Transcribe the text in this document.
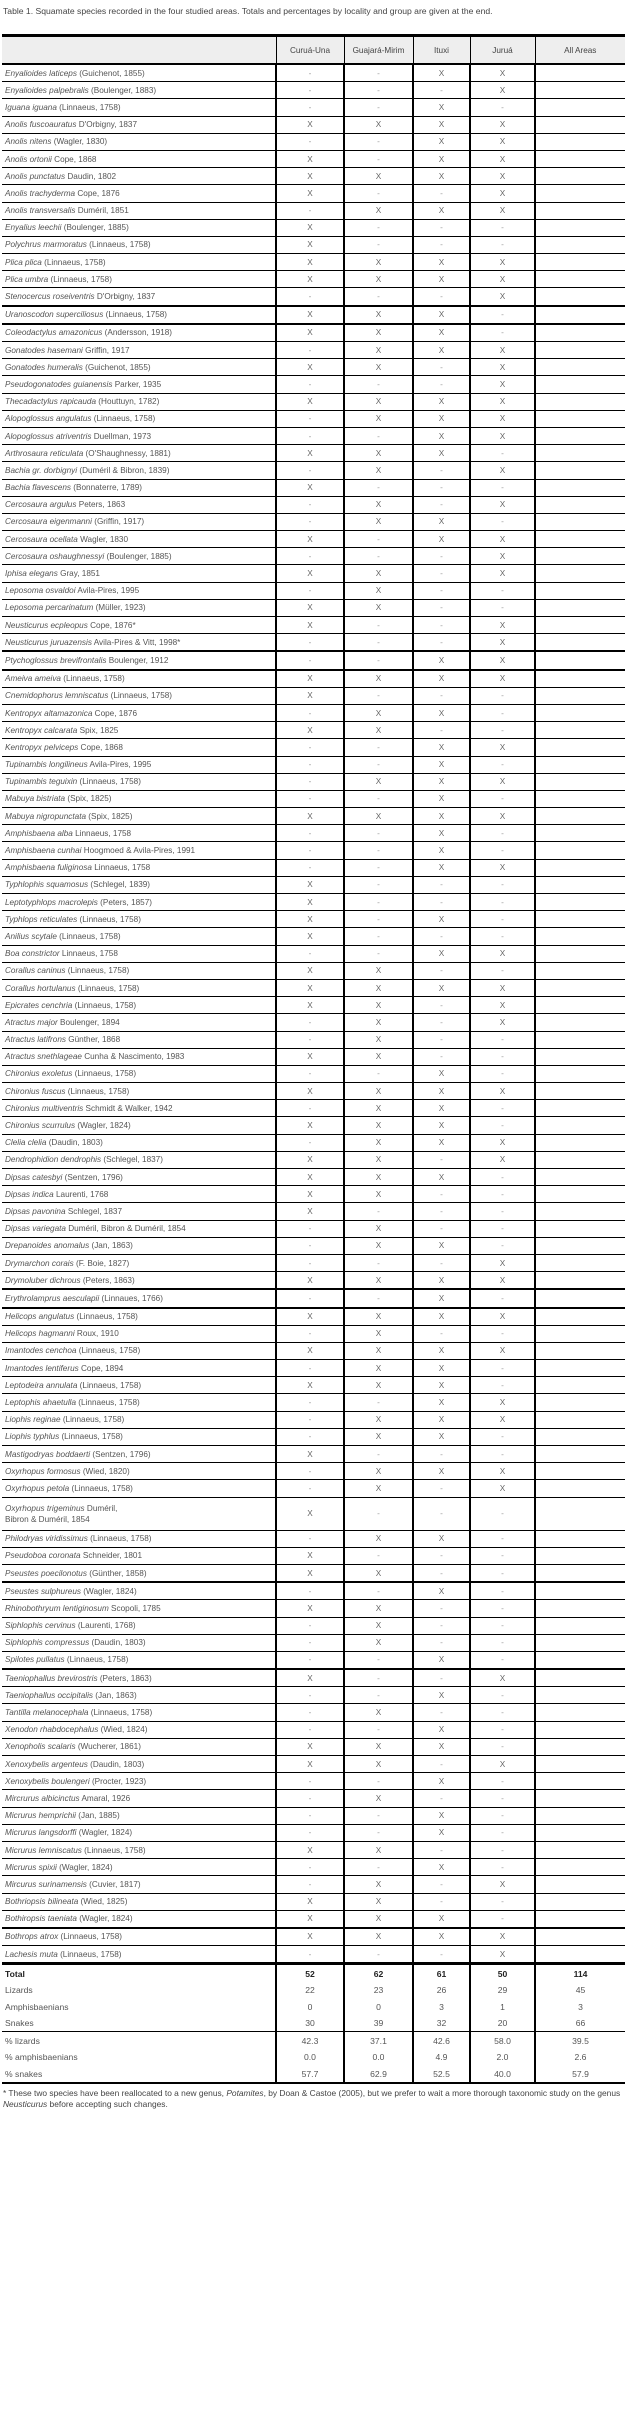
Table 1. Squamate species recorded in the four studied areas. Totals and percentages by locality and group are given at the end.
	Curuá-Una	Guajará-Mirim	Ituxi	Juruá	All Areas
Enyalioides laticeps (Guichenot, 1855)	-	-	X	X	
Enyalioides palpebralis (Boulenger, 1883)	-	-	-	X	
Iguana iguana (Linnaeus, 1758)	-	-	X	-	
Anolis fuscoauratus D'Orbigny, 1837	X	X	X	X	
Anolis nitens (Wagler, 1830)	-	-	X	X	
Anolis ortonii Cope, 1868	X	-	X	X	
Anolis punctatus Daudin, 1802	X	X	X	X	
Anolis trachyderma Cope, 1876	X	-	-	X	
Anolis transversalis Duméril, 1851	-	X	X	X	
Enyalius leechii (Boulenger, 1885)	X	-	-	-	
Polychrus marmoratus (Linnaeus, 1758)	X	-	-	-	
Plica plica (Linnaeus, 1758)	X	X	X	X	
Plica umbra (Linnaeus, 1758)	X	X	X	X	
Stenocercus roseiventris D'Orbigny, 1837	-	-	-	X	
Uranoscodon superciliosus (Linnaeus, 1758)	X	X	X	-	
Coleodactylus amazonicus (Andersson, 1918)	X	X	X	-	
Gonatodes hasemani Griffin, 1917	-	X	X	X	
Gonatodes humeralis (Guichenot, 1855)	X	X	-	X	
Pseudogonatodes guianensis Parker, 1935	-	-	-	X	
Thecadactylus rapicauda (Houttuyn, 1782)	X	X	X	X	
Alopoglossus angulatus (Linnaeus, 1758)	-	X	X	X	
Alopoglossus atriventris Duellman, 1973	-	-	X	X	
Arthrosaura reticulata (O'Shaughnessy, 1881)	X	X	X	-	
Bachia gr. dorbignyi (Duméril & Bibron, 1839)	-	X	-	X	
Bachia flavescens (Bonnaterre, 1789)	X	-	-	-	
Cercosaura argulus Peters, 1863	-	X	-	X	
Cercosaura eigenmanni (Griffin, 1917)	-	X	X	-	
Cercosaura ocellata Wagler, 1830	X	-	X	X	
Cercosaura oshaughnessyi (Boulenger, 1885)	-	-	-	X	
Iphisa elegans Gray, 1851	X	X	-	X	
Leposoma osvaldoi Avila-Pires, 1995	-	X	-	-	
Leposoma percarinatum (Müller, 1923)	X	X	-	-	
Neusticurus ecpleopus Cope, 1876*	X	-	-	X	
Neusticurus juruazensis Avila-Pires & Vitt, 1998*	-	-	-	X	
Ptychoglossus brevifrontalis Boulenger, 1912	-	-	X	X	
Ameiva ameiva (Linnaeus, 1758)	X	X	X	X	
Cnemidophorus lemniscatus (Linnaeus, 1758)	X	-	-	-	
Kentropyx altamazonica Cope, 1876	-	X	X	-	
Kentropyx calcarata Spix, 1825	X	X	-	-	
Kentropyx pelviceps Cope, 1868	-	-	X	X	
Tupinambis longilineus Avila-Pires, 1995	-	-	X	-	
Tupinambis teguixin (Linnaeus, 1758)	-	X	X	X	
Mabuya bistriata (Spix, 1825)	-	-	X	-	
Mabuya nigropunctata (Spix, 1825)	X	X	X	X	
Amphisbaena alba Linnaeus, 1758	-	-	X	-	
Amphisbaena cunhai Hoogmoed & Avila-Pires, 1991	-	-	X	-	
Amphisbaena fuliginosa Linnaeus, 1758	-	-	X	X	
Typhlophis squamosus (Schlegel, 1839)	X	-	-	-	
Leptotyphlops macrolepis (Peters, 1857)	X	-	-	-	
Typhlops reticulates (Linnaeus, 1758)	X	-	X	-	
Anilius scytale (Linnaeus, 1758)	X	-	-	-	
Boa constrictor Linnaeus, 1758	-	-	X	X	
Corallus caninus (Linnaeus, 1758)	X	X	-	-	
Corallus hortulanus (Linnaeus, 1758)	X	X	X	X	
Epicrates cenchria (Linnaeus, 1758)	X	X	-	X	
Atractus major Boulenger, 1894	-	X	-	X	
Atractus latifrons Günther, 1868	-	X	-	-	
Atractus snethlageae Cunha & Nascimento, 1983	X	X	-	-	
Chironius exoletus (Linnaeus, 1758)	-	-	X	-	
Chironius fuscus (Linnaeus, 1758)	X	X	X	X	
Chironius multiventris Schmidt & Walker, 1942	-	X	X	-	
Chironius scurrulus (Wagler, 1824)	X	X	X	-	
Clelia clelia (Daudin, 1803)	-	X	X	X	
Dendrophidion dendrophis (Schlegel, 1837)	X	X	-	X	
Dipsas catesbyi (Sentzen, 1796)	X	X	X	-	
Dipsas indica Laurenti, 1768	X	X	-	-	
Dipsas pavonina Schlegel, 1837	X	-	-	-	
Dipsas variegata Duméril, Bibron & Duméril, 1854	-	X	-	-	
Drepanoides anomalus (Jan, 1863)	-	X	X	-	
Drymarchon corais (F. Boie, 1827)	-	-	-	X	
Drymoluber dichrous (Peters, 1863)	X	X	X	X	
Erythrolamprus aesculapii (Linnaues, 1766)	-	-	X	-	
Helicops angulatus (Linnaeus, 1758)	X	X	X	X	
Helicops hagmanni Roux, 1910	-	X	-	-	
Imantodes cenchoa (Linnaeus, 1758)	X	X	X	X	
Imantodes lentiferus Cope, 1894	-	X	X	-	
Leptodeira annulata (Linnaeus, 1758)	X	X	X	-	
Leptophis ahaetulla (Linnaeus, 1758)	-	-	X	X	
Liophis reginae (Linnaeus, 1758)	-	X	X	X	
Liophis typhlus (Linnaeus, 1758)	-	X	X	-	
Mastigodryas boddaerti (Sentzen, 1796)	X	-	-	-	
Oxyrhopus formosus (Wied, 1820)	-	X	X	X	
Oxyrhopus petola (Linnaeus, 1758)	-	X	-	X	
Oxyrhopus trigeminus Duméril,
Bibron & Duméril, 1854	X	-	-	-	
Philodryas viridissimus (Linnaeus, 1758)	-	X	X	-	
Pseudoboa coronata Schneider, 1801	X	-	-	-	
Pseustes poecilonotus (Günther, 1858)	X	X	-	-	
Pseustes sulphureus (Wagler, 1824)	-	-	X	-	
Rhinobothryum lentiginosum Scopoli, 1785	X	X	-	-	
Siphlophis cervinus (Laurenti, 1768)	-	X	-	-	
Siphlophis compressus (Daudin, 1803)	-	X	-	-	
Spilotes pullatus (Linnaeus, 1758)	-	-	X	-	
Taeniophallus brevirostris (Peters, 1863)	X	-	-	X	
Taeniophallus occipitalis (Jan, 1863)	-	-	X	-	
Tantilla melanocephala (Linnaeus, 1758)	-	X	-	-	
Xenodon rhabdocephalus (Wied, 1824)	-	-	X	-	
Xenopholis scalaris (Wucherer, 1861)	X	X	X	-	
Xenoxybelis argenteus (Daudin, 1803)	X	X	-	X	
Xenoxybelis boulengeri (Procter, 1923)	-	-	X	-	
Mircrurus albicinctus Amaral, 1926	-	X	-	-	
Micrurus hemprichii (Jan, 1885)	-	-	X	-	
Micrurus langsdorffi (Wagler, 1824)	-	-	X	-	
Micrurus lemniscatus (Linnaeus, 1758)	X	X	-	-	
Micrurus spixii (Wagler, 1824)	-	-	X	-	
Mircurus surinamensis (Cuvier, 1817)	-	X	-	X	
Bothriopsis bilineata (Wied, 1825)	X	X	-	-	
Bothiropsis taeniata (Wagler, 1824)	X	X	X	-	
Bothrops atrox (Linnaeus, 1758)	X	X	X	X	
Lachesis muta (Linnaeus, 1758)	-	-	-	X	
Total	52	62	61	50	114
Lizards	22	23	26	29	45
Amphisbaenians	0	0	3	1	3
Snakes	30	39	32	20	66
% lizards	42.3	37.1	42.6	58.0	39.5
% amphisbaenians	0.0	0.0	4.9	2.0	2.6
% snakes	57.7	62.9	52.5	40.0	57.9
* These two species have been reallocated to a new genus, Potamites, by Doan & Castoe (2005), but we prefer to wait a more thorough taxonomic study on the genus Neusticurus before accepting such changes.
